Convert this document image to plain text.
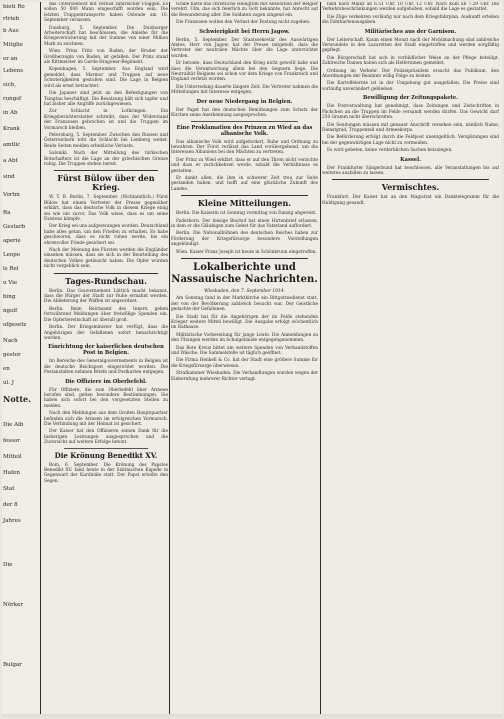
bieti Ro
rtrieb
b Aus
Mitglie
er an
Lebens
sich,
rungsf
in Ab
Krank
amtlic
a Abt
sind
Vortm
Ra
Gestarb
aperie
Leopo
ls Rei
u Vie
bing
ngolf
ofgesetz
Nach
gestor
en
ul. J
Notte.
Die Alb
fessor
Mitteil
Hafen
Stat
der 8
Jahres
Die
Nörker
Bulgar

das Unterseeboot mit Verlust zahlreicher Flaggen. Es sollen 50 000 Mann eingeschifft worden sein. Die letzten Truppentransporte haben Ostende am 10. September verlassen.

Duisburg, 5. September. Die Duisburger Arbeiterschaft hat beschlossen, die Anleihe für die Kriegsversicherung mit der Summe von einer Million Mark zu zeichnen.

Wien. Prinz Fritz von Baden, der Bruder der Großherzogin von Baden, ist gefallen. Der Prinz stand als Rittmeister im Garde-Dragoner-Regiment.

Kopenhagen, 5. September. Aus England wird gemeldet, dass Marmor und Truppen auf neue Schwierigkeiten gestoßen sind. Die Lage in Belgien wird als ernst betrachtet.

Die Japaner sind jetzt an den Befestigungen von Tsingtau beschäftigt. Die Besatzung hält sich tapfer und hat bisher alle Angriffe zurückgewiesen.

Zur Schlacht in Lothringen. Ein Kriegsberichterstatter schreibt, dass der Widerstand der Franzosen gebrochen ist und die Truppen im Vormarsch bleiben.

Petersburg, 5. September. Zwischen den Russen und Österreichern tobt die Schlacht bei Lemberg weiter. Beide Seiten melden erhebliche Verluste.

Saloniki. Nach der Mitteilung des türkischen Botschafters ist die Lage an der griechischen Grenze ruhig. Die Truppen stehen bereit.

Fürst Bülow über den Krieg.

W. T. B. Berlin, 7. September. (Nichtamtlich.) Fürst Bülow hat einem Vertreter der Presse gegenüber erklärt, dass das deutsche Volk in diesem Kriege einig sei wie nie zuvor. Das Volk wisse, dass es um seine Existenz kämpfe.

Der Krieg sei uns aufgezwungen worden. Deutschland habe alles getan, um den Frieden zu erhalten. Es habe geschworen, dass es nicht ruhen werde, bis ein ehrenvoller Friede gesichert sei.

Nach der Meinung des Fürsten werden die Engländer einsehen müssen, dass sie sich in der Beurteilung des deutschen Volkes getäuscht haben. Die Opfer würden nicht vergeblich sein.

Tages-Rundschau.

Berlin. Das Gouvernement Lüttich macht bekannt, dass die Bürger der Stadt zur Ruhe ermahnt werden. Die Ablieferung der Waffen ist angeordnet.

Berlin. Beim Reichsamt des Innern gehen fortwährend Meldungen über freiwillige Spenden ein. Die Opferbereitschaft ist überall groß.

Berlin. Der Kriegsminister hat verfügt, dass die Angehörigen der Gefallenen sofort benachrichtigt werden.

Einrichtung der kaiserlichen deutschen Post in Belgien.

Im Bereiche des Generalgouvernements in Belgien ist die deutsche Reichspost eingerichtet worden. Die Postanstalten nehmen Briefe und Postkarten entgegen.

Die Offiziere im Oberbefehl.

Für Offiziere, die zum Oberbefehl über Armeen berufen sind, gelten besondere Bestimmungen. Sie haben sich sofort bei den vorgesetzten Stellen zu melden.

Nach den Meldungen aus dem Großen Hauptquartier befinden sich die Armeen im erfolgreichen Vormarsch. Die Verbindung mit der Heimat ist gesichert.

Der Kaiser hat den Offizieren seinen Dank für die bisherigen Leistungen ausgesprochen und die Zuversicht auf weitere Erfolge betont.

Die Krönung Benedikt XV.

Rom, 6. September. Die Krönung des Papstes Benedikt XV. fand heute in der Sixtinischen Kapelle in Gegenwart der Kardinäle statt. Der Papst erteilte den Segen.

Grabe hatte das christliche Heiligtum mit Absolution der Belgier verehrt. Ulm, das sich feierlich zu Gott bekannte, hat Anrecht auf die Bewunderung aller. Die Soldaten zogen singend ein.

Die Franzosen wollen den Verlust der Festung nicht zugeben.

Schwierigkeit bei Herrn Jagow.

Berlin, 5. September. Der Staatssekretär des Auswärtigen Amtes, Herr von Jagow, hat der Presse mitgeteilt, dass die Vertreter der neutralen Mächte über die Lage unterrichtet wurden.

Er betonte, dass Deutschland den Krieg nicht gewollt habe und dass die Verantwortung allein bei den Gegnern liege. Die Neutralität Belgiens sei schon vor dem Kriege von Frankreich und England verletzt worden.

Die Unterredung dauerte längere Zeit. Die Vertreter nahmen die Mitteilungen mit Interesse entgegen.

Der neue Niedergang in Belgien.

Der Papst hat den deutschen Bemühungen zum Schutz der Kirchen seine Anerkennung ausgesprochen.

Eine Proklamation des Prinzen zu Wied an das albanische Volk.

Das albanische Volk wird aufgefordert, Ruhe und Ordnung zu bewahren. Der Fürst verlässt das Land vorübergehend, um die Interessen Albaniens bei den Mächten zu vertreten.

Der Prinz zu Wied erklärt, dass er auf den Thron nicht verzichte und dass er zurückkehren werde, sobald die Verhältnisse es gestatten.

Er dankt allen, die ihm in schwerer Zeit treu zur Seite gestanden haben, und hofft auf eine glückliche Zukunft des Landes.

Kleine Mitteilungen.

Berlin. Die Kaiserin ist Sonntag vormittag von Danzig abgereist.

Paderborn. Der hiesige Bischof hat einen Hirtenbrief erlassen, in dem er die Gläubigen zum Gebet für das Vaterland auffordert.

Berlin. Die Nationalbühnen des deutschen Reiches haben zur Förderung der Kriegsfürsorge besondere Vorstellungen angekündigt.

Wien. Kaiser Franz Joseph ist heute in Schönbrunn eingetroffen.

Lokalberichte und Nassauische Nachrichten.
Wiesbaden, den 7. September 1914.

Am Sonntag fand in der Marktkirche ein Bittgottesdienst statt, der von der Bevölkerung zahlreich besucht war. Der Geistliche gedachte der Gefallenen.

Die Stadt hat für die Angehörigen der im Felde stehenden Krieger weitere Mittel bewilligt. Die Ausgabe erfolgt wöchentlich im Rathause.

Militärische Vorbereitung für junge Leute. Die Anmeldungen zu den Übungen werden im Schulgebäude entgegengenommen.

Das Rote Kreuz bittet um weitere Spenden von Verbandstoffen und Wäsche. Die Sammelstelle ist täglich geöffnet.

Die Firma Henkell & Co. hat der Stadt eine größere Summe für die Kriegsfürsorge überwiesen.

Strafkammer Wiesbaden. Die Verhandlungen wurden wegen der Einberufung mehrerer Richter vertagt.

bald nach Mainz ab 6.51 Uhr, 10 Uhr, 12 Uhr. Nach Köln ab 7.29 Uhr. Die Verkehrsbeschränkungen werden aufgehoben, sobald die Lage es gestattet.

Die Züge verkehren vorläufig nur nach dem Kriegsfahrplan. Auskunft erteilen die Fahrkartenausgaben.

Militärisches aus der Garnison.

Der Leiterschaft. Kaum einen Monat nach der Mobilmachung sind zahlreiche Verwundete in den Lazaretten der Stadt eingetroffen und werden sorgfältig gepflegt.

Die Bürgerschaft hat sich in vorbildlicher Weise an der Pflege beteiligt. Zahlreiche Damen haben sich als Helferinnen gemeldet.

Ordnung im Verkehr. Der Polizeipräsident ersucht das Publikum, den Anordnungen der Beamten willig Folge zu leisten.

Die Kartoffelernte ist in der Umgebung gut ausgefallen. Die Preise sind vorläufig unverändert geblieben.

Bewilligung der Zeitungspakete.

Die Postverwaltung hat genehmigt, dass Zeitungen und Zeitschriften in Päckchen an die Truppen im Felde versandt werden dürfen. Das Gewicht darf 250 Gramm nicht überschreiten.

Die Sendungen müssen mit genauer Anschrift versehen sein, nämlich Name, Dienstgrad, Truppenteil und Armeekorps.

Die Beförderung erfolgt durch die Feldpost unentgeltlich. Verspätungen sind bei der gegenwärtigen Lage nicht zu vermeiden.

Es wird gebeten, keine verderblichen Sachen beizulegen.

Kassel.

Der Frankfurter Sängerbund hat beschlossen, alle Veranstaltungen bis auf weiteres ausfallen zu lassen.

Vermischtes.

Frankfurt. Der Kaiser hat an den Magistrat ein Danktelegramm für die Huldigung gesandt.
